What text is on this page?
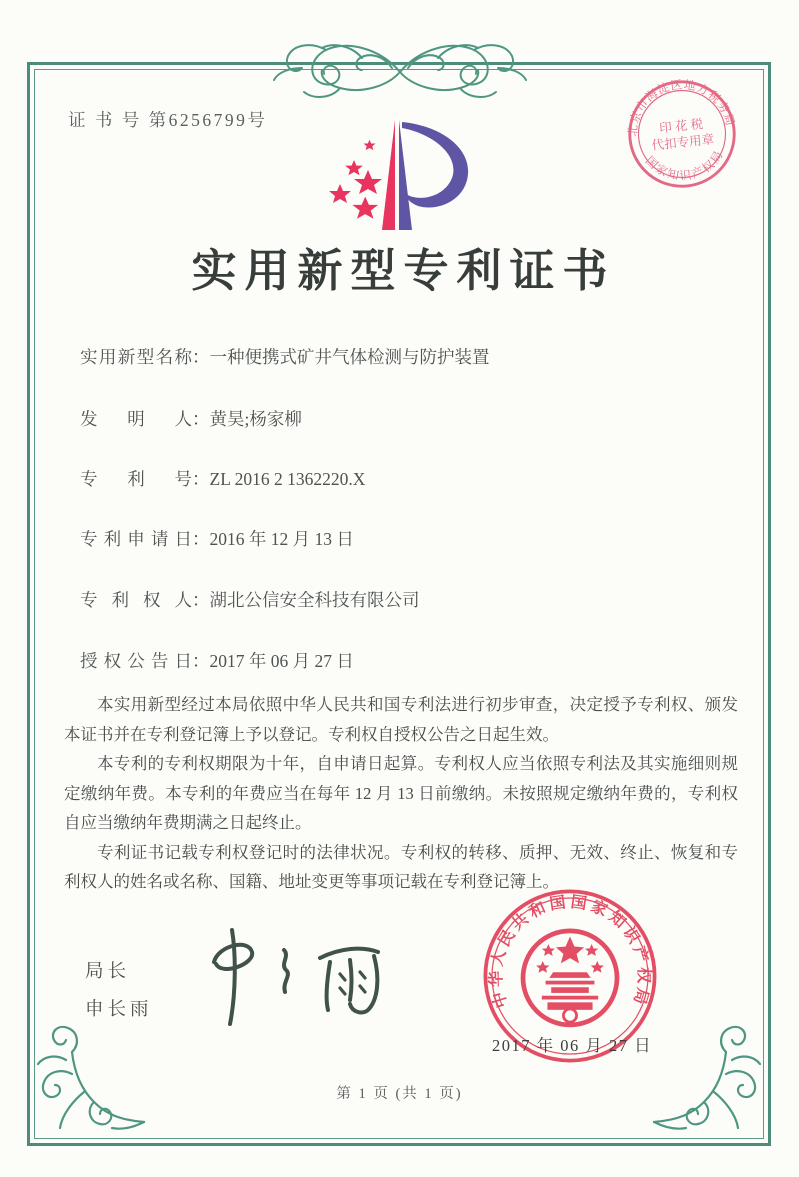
证 书 号 第6256799号
实用新型专利证书
实用新型名称：一种便携式矿井气体检测与防护装置
发明人：黄昊;杨家柳
专利号：ZL 2016 2 1362220.X
专利申请日：2016 年 12 月 13 日
专利权人：湖北公信安全科技有限公司
授权公告日：2017 年 06 月 27 日

本实用新型经过本局依照中华人民共和国专利法进行初步审查，决定授予专利权、颁发本证书并在专利登记簿上予以登记。专利权自授权公告之日起生效。

本专利的专利权期限为十年，自申请日起算。专利权人应当依照专利法及其实施细则规定缴纳年费。本专利的年费应当在每年 12 月 13 日前缴纳。未按照规定缴纳年费的，专利权自应当缴纳年费期满之日起终止。

专利证书记载专利权登记时的法律状况。专利权的转移、质押、无效、终止、恢复和专利权人的姓名或名称、国籍、地址变更等事项记载在专利登记簿上。

局长
申长雨
北京市海淀区地方税务局
国家知识产权局
印 花 税
代扣专用章
中华人民共和国国家知识产权局
2017 年 06 月 27 日
第 1 页 (共 1 页)
